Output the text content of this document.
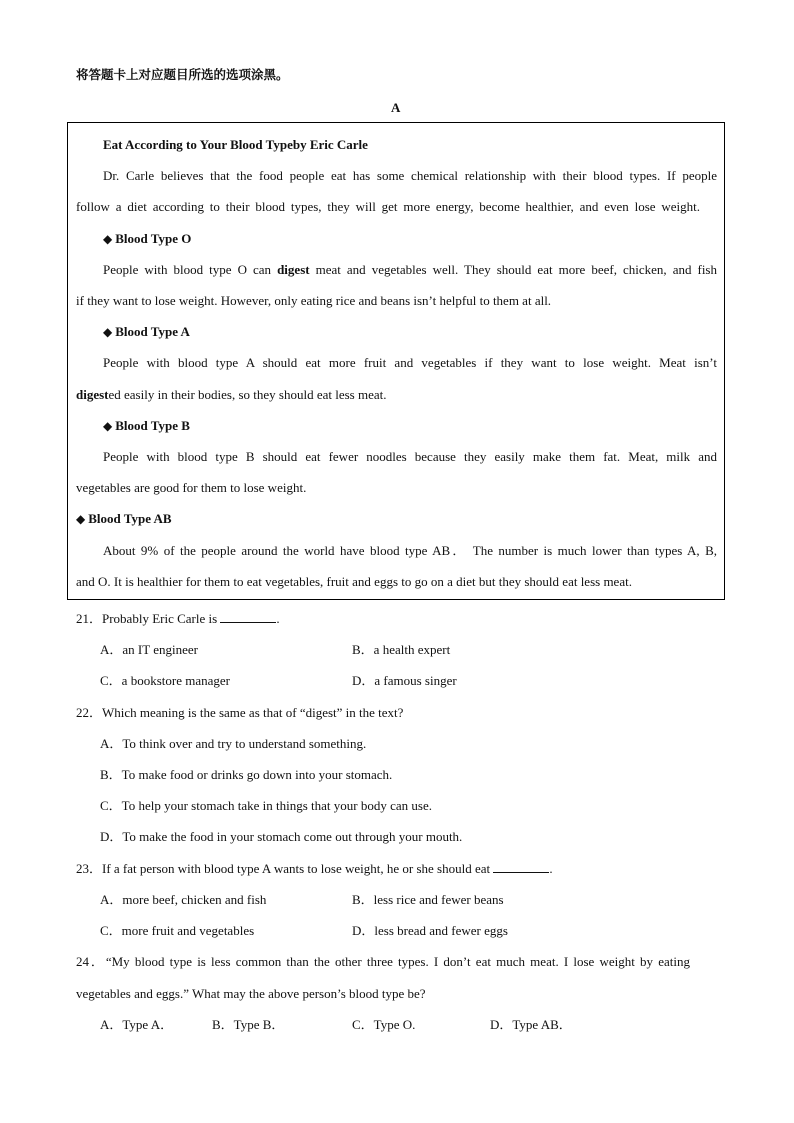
将答题卡上对应题目所选的选项涂黑。
A
Eat According to Your Blood Typeby Eric Carle
Dr. Carle believes that the food people eat has some chemical relationship with their blood types. If people
follow a diet according to their blood types, they will get more energy, become healthier, and even lose weight.
◆ Blood Type O
People with blood type O can digest meat and vegetables well. They should eat more beef, chicken, and fish
if they want to lose weight. However, only eating rice and beans isn’t helpful to them at all.
◆ Blood Type A
People with blood type A should eat more fruit and vegetables if they want to lose weight. Meat isn’t
digested easily in their bodies, so they should eat less meat.
◆ Blood Type B
People with blood type B should eat fewer noodles because they easily make them fat. Meat, milk and
vegetables are good for them to lose weight.
◆ Blood Type AB
About 9% of the people around the world have blood type AB． The number is much lower than types A, B,
and O. It is healthier for them to eat vegetables, fruit and eggs to go on a diet but they should eat less meat.
21．Probably Eric Carle is	.
A．an IT engineer	B．a health expert
C．a bookstore manager	D．a famous singer
22．Which meaning is the same as that of “digest” in the text?
A．To think over and try to understand something.
B．To make food or drinks go down into your stomach.
C．To help your stomach take in things that your body can use.
D．To make the food in your stomach come out through your mouth.
23．If a fat person with blood type A wants to lose weight, he or she should eat	.
A．more beef, chicken and fish	B．less rice and fewer beans
C．more fruit and vegetables	D．less bread and fewer eggs
24．“My blood type is less common than the other three types. I don’t eat much meat. I lose weight by eating
vegetables and eggs.” What may the above person’s blood type be?
A．Type A．	B．Type B．	C．Type O.	D．Type AB．
